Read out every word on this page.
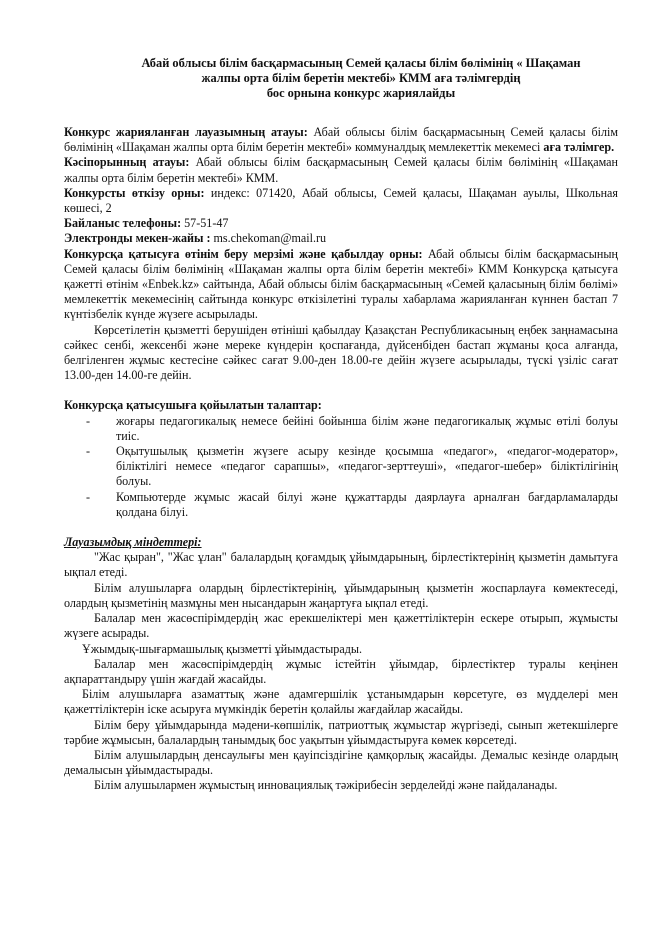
Абай облысы білім басқармасының Семей қаласы білім бөлімінің « Шақаман
жалпы орта білім беретін мектебі» КММ аға тәлімгердің
бос орнына конкурс жариялайды

Конкурс жарияланған лауазымның атауы: Абай облысы білім басқармасының Семей қаласы білім бөлімінің «Шақаман жалпы орта білім беретін мектебі» коммуналдық мемлекеттік мекемесі аға тәлімгер.

Кәсіпорынның атауы: Абай облысы білім басқармасының Семей қаласы білім бөлімінің «Шақаман жалпы орта білім беретін мектебі» КММ.

Конкурсты өткізу орны: индекс: 071420, Абай облысы, Семей қаласы, Шақаман ауылы, Школьная көшесі, 2

Байланыс телефоны: 57-51-47

Электронды мекен-жайы : ms.chekoman@mail.ru

Конкурсқа қатысуға өтінім беру мерзімі және қабылдау орны: Абай облысы білім басқармасының Семей қаласы білім бөлімінің «Шақаман жалпы орта білім беретін мектебі» КММ Конкурсқа қатысуға қажетті өтінім «Enbek.kz» сайтында, Абай облысы білім басқармасының «Семей қаласының білім бөлімі» мемлекеттік мекемесінің сайтында конкурс өткізілетіні туралы хабарлама жарияланған күннен бастап 7 күнтізбелік күнде жүзеге асырылады.

Көрсетілетін қызметті берушіден өтініші қабылдау Қазақстан Республикасының еңбек заңнамасына сәйкес сенбі, жексенбі және мереке күндерін қоспағанда, дүйсенбіден бастап жұманы қоса алғанда, белгіленген жұмыс кестесіне сәйкес сағат 9.00-ден 18.00-ге дейін жүзеге асырылады, түскі үзіліс сағат 13.00-ден 14.00-ге дейін.

Конкурсқа қатысушыға қойылатын талаптар:

- жоғары педагогикалық немесе бейіні бойынша білім және педагогикалық жұмыс өтілі болуы тиіс.
- Оқытушылық қызметін жүзеге асыру кезінде қосымша «педагог», «педагог-модератор», біліктілігі немесе «педагог сарапшы», «педагог-зерттеуші», «педагог-шебер» біліктілігінің болуы.
- Компьютерде жұмыс жасай білуі және құжаттарды даярлауға арналған бағдарламаларды қолдана білуі.

Лауазымдық міндеттері:

"Жас қыран", "Жас ұлан" балалардың қоғамдық ұйымдарының, бірлестіктерінің қызметін дамытуға ықпал етеді.

Білім алушыларға олардың бірлестіктерінің, ұйымдарының қызметін жоспарлауға көмектеседі, олардың қызметінің мазмұны мен нысандарын жаңартуға ықпал етеді.

Балалар мен жасөспірімдердің жас ерекшеліктері мен қажеттіліктерін ескере отырып, жұмысты жүзеге асырады.

Ұжымдық-шығармашылық қызметті ұйымдастырады.

Балалар мен жасөспірімдердің жұмыс істейтін ұйымдар, бірлестіктер туралы кеңінен ақпараттандыру үшін жағдай жасайды.

Білім алушыларға азаматтық және адамгершілік ұстанымдарын көрсетуге, өз мүдделері мен қажеттіліктерін іске асыруға мүмкіндік беретін қолайлы жағдайлар жасайды.

Білім беру ұйымдарында мәдени-көпшілік, патриоттық жұмыстар жүргізеді, сынып жетекшілерге тәрбие жұмысын, балалардың танымдық бос уақытын ұйымдастыруға көмек көрсетеді.

Білім алушылардың денсаулығы мен қауіпсіздігіне қамқорлық жасайды. Демалыс кезінде олардың демалысын ұйымдастырады.

Білім алушылармен жұмыстың инновациялық тәжірибесін зерделейді және пайдаланады.
